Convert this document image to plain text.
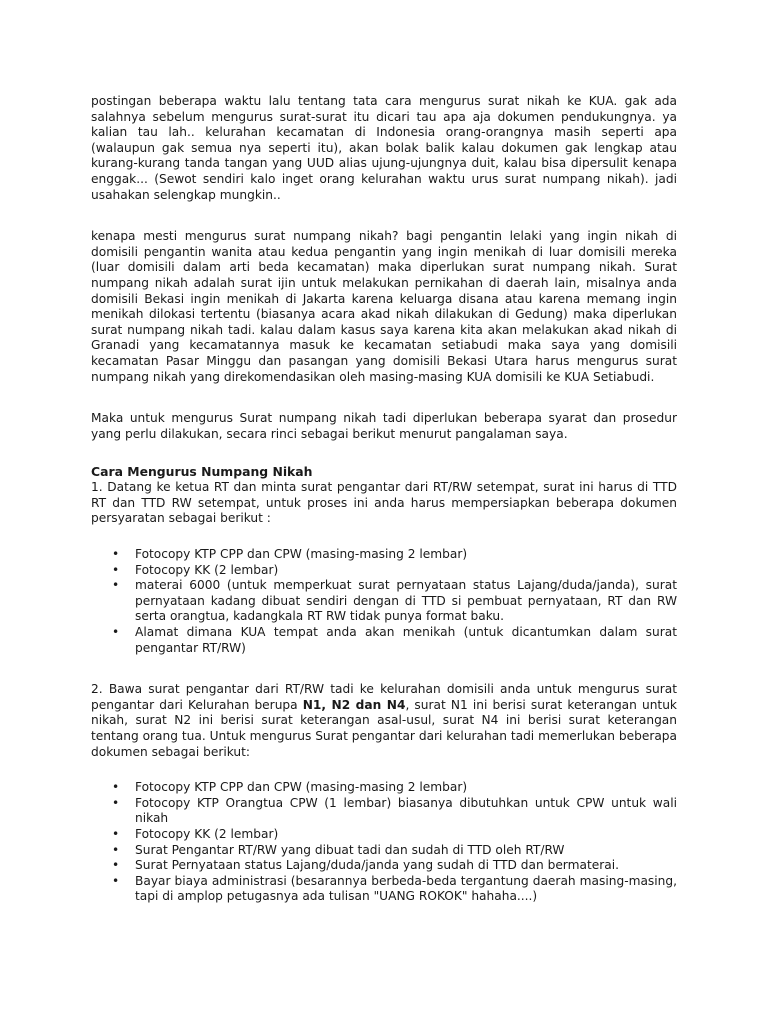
postingan beberapa waktu lalu tentang tata cara mengurus surat nikah ke KUA. gak ada salahnya sebelum mengurus surat-surat itu dicari tau apa aja dokumen pendukungnya. ya kalian tau lah.. kelurahan kecamatan di Indonesia orang-orangnya masih seperti apa (walaupun gak semua nya seperti itu), akan bolak balik kalau dokumen gak lengkap atau kurang-kurang tanda tangan yang UUD alias ujung-ujungnya duit, kalau bisa dipersulit kenapa enggak... (Sewot sendiri kalo inget orang kelurahan waktu urus surat numpang nikah). jadi usahakan selengkap mungkin..

kenapa mesti mengurus surat numpang nikah? bagi pengantin lelaki yang ingin nikah di domisili pengantin wanita atau kedua pengantin yang ingin menikah di luar domisili mereka (luar domisili dalam arti beda kecamatan) maka diperlukan surat numpang nikah. Surat numpang nikah adalah surat ijin untuk melakukan pernikahan di daerah lain, misalnya anda domisili Bekasi ingin menikah di Jakarta karena keluarga disana atau karena memang ingin menikah dilokasi tertentu (biasanya acara akad nikah dilakukan di Gedung) maka diperlukan surat numpang nikah tadi. kalau dalam kasus saya karena kita akan melakukan akad nikah di Granadi yang kecamatannya masuk ke kecamatan setiabudi maka saya yang domisili kecamatan Pasar Minggu dan pasangan yang domisili Bekasi Utara harus mengurus surat numpang nikah yang direkomendasikan oleh masing-masing KUA domisili ke KUA Setiabudi.

Maka untuk mengurus Surat numpang nikah tadi diperlukan beberapa syarat dan prosedur yang perlu dilakukan, secara rinci sebagai berikut menurut pangalaman saya.

Cara Mengurus Numpang Nikah

1. Datang ke ketua RT dan minta surat pengantar dari RT/RW setempat, surat ini harus di TTD RT dan TTD RW setempat, untuk proses ini anda harus mempersiapkan beberapa dokumen persyaratan sebagai berikut :

• Fotocopy KTP CPP dan CPW (masing-masing 2 lembar)
• Fotocopy KK (2 lembar)
• materai 6000 (untuk memperkuat surat pernyataan status Lajang/duda/janda), surat pernyataan kadang dibuat sendiri dengan di TTD si pembuat pernyataan, RT dan RW serta orangtua, kadangkala RT RW tidak punya format baku.
• Alamat dimana KUA tempat anda akan menikah (untuk dicantumkan dalam surat pengantar RT/RW)

2. Bawa surat pengantar dari RT/RW tadi ke kelurahan domisili anda untuk mengurus surat pengantar dari Kelurahan berupa N1, N2 dan N4, surat N1 ini berisi surat keterangan untuk nikah, surat N2 ini berisi surat keterangan asal-usul, surat N4 ini berisi surat keterangan tentang orang tua. Untuk mengurus Surat pengantar dari kelurahan tadi memerlukan beberapa dokumen sebagai berikut:

• Fotocopy KTP CPP dan CPW (masing-masing 2 lembar)
• Fotocopy KTP Orangtua CPW (1 lembar) biasanya dibutuhkan untuk CPW untuk wali nikah
• Fotocopy KK (2 lembar)
• Surat Pengantar RT/RW yang dibuat tadi dan sudah di TTD oleh RT/RW
• Surat Pernyataan status Lajang/duda/janda yang sudah di TTD dan bermaterai.
• Bayar biaya administrasi (besarannya berbeda-beda tergantung daerah masing-masing, tapi di amplop petugasnya ada tulisan "UANG ROKOK" hahaha....)
